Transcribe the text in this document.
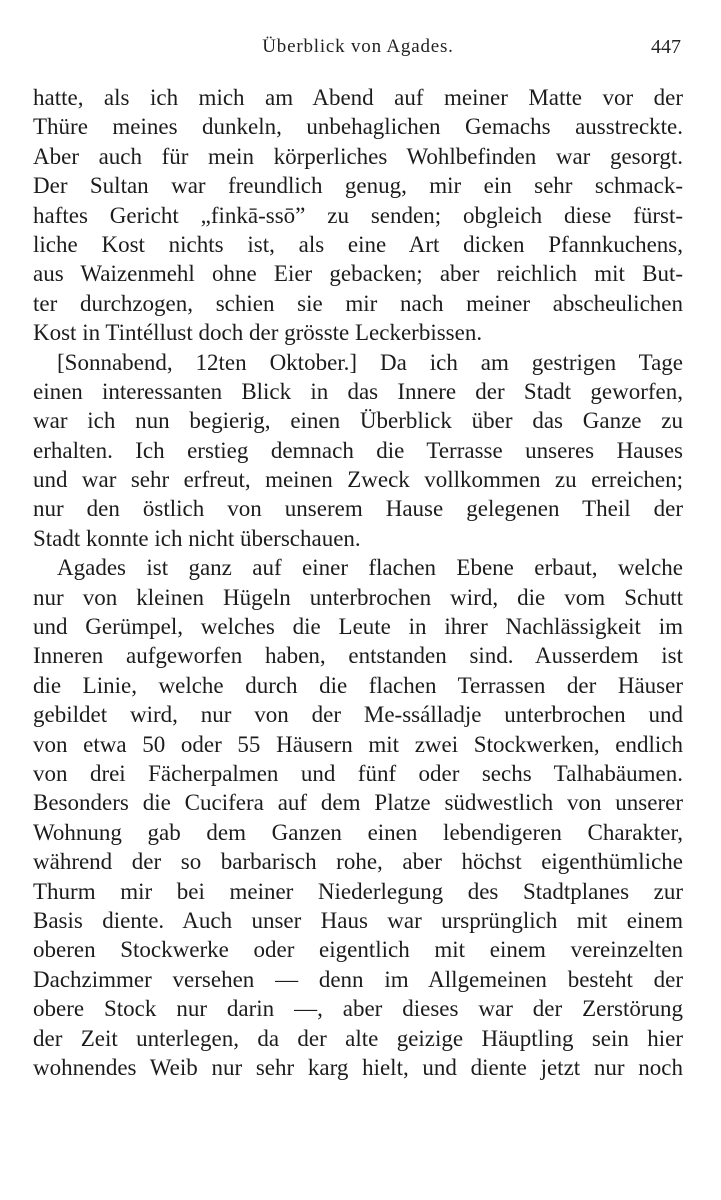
Überblick von Agades.	447
hatte, als ich mich am Abend auf meiner Matte vor der
Thüre meines dunkeln, unbehaglichen Gemachs ausstreckte.
Aber auch für mein körperliches Wohlbefinden war gesorgt.
Der Sultan war freundlich genug, mir ein sehr schmack-
haftes Gericht „finkā-ssō” zu senden; obgleich diese fürst-
liche Kost nichts ist, als eine Art dicken Pfannkuchens,
aus Waizenmehl ohne Eier gebacken; aber reichlich mit But-
ter durchzogen, schien sie mir nach meiner abscheulichen
Kost in Tintéllust doch der grösste Leckerbissen.
[Sonnabend, 12ten Oktober.] Da ich am gestrigen Tage
einen interessanten Blick in das Innere der Stadt geworfen,
war ich nun begierig, einen Überblick über das Ganze zu
erhalten. Ich erstieg demnach die Terrasse unseres Hauses
und war sehr erfreut, meinen Zweck vollkommen zu erreichen;
nur den östlich von unserem Hause gelegenen Theil der
Stadt konnte ich nicht überschauen.
Agades ist ganz auf einer flachen Ebene erbaut, welche
nur von kleinen Hügeln unterbrochen wird, die vom Schutt
und Gerümpel, welches die Leute in ihrer Nachlässigkeit im
Inneren aufgeworfen haben, entstanden sind. Ausserdem ist
die Linie, welche durch die flachen Terrassen der Häuser
gebildet wird, nur von der Me-ssálladje unterbrochen und
von etwa 50 oder 55 Häusern mit zwei Stockwerken, endlich
von drei Fächerpalmen und fünf oder sechs Talhabäumen.
Besonders die Cucifera auf dem Platze südwestlich von unserer
Wohnung gab dem Ganzen einen lebendigeren Charakter,
während der so barbarisch rohe, aber höchst eigenthümliche
Thurm mir bei meiner Niederlegung des Stadtplanes zur
Basis diente. Auch unser Haus war ursprünglich mit einem
oberen Stockwerke oder eigentlich mit einem vereinzelten
Dachzimmer versehen — denn im Allgemeinen besteht der
obere Stock nur darin —, aber dieses war der Zerstörung
der Zeit unterlegen, da der alte geizige Häuptling sein hier
wohnendes Weib nur sehr karg hielt, und diente jetzt nur noch
